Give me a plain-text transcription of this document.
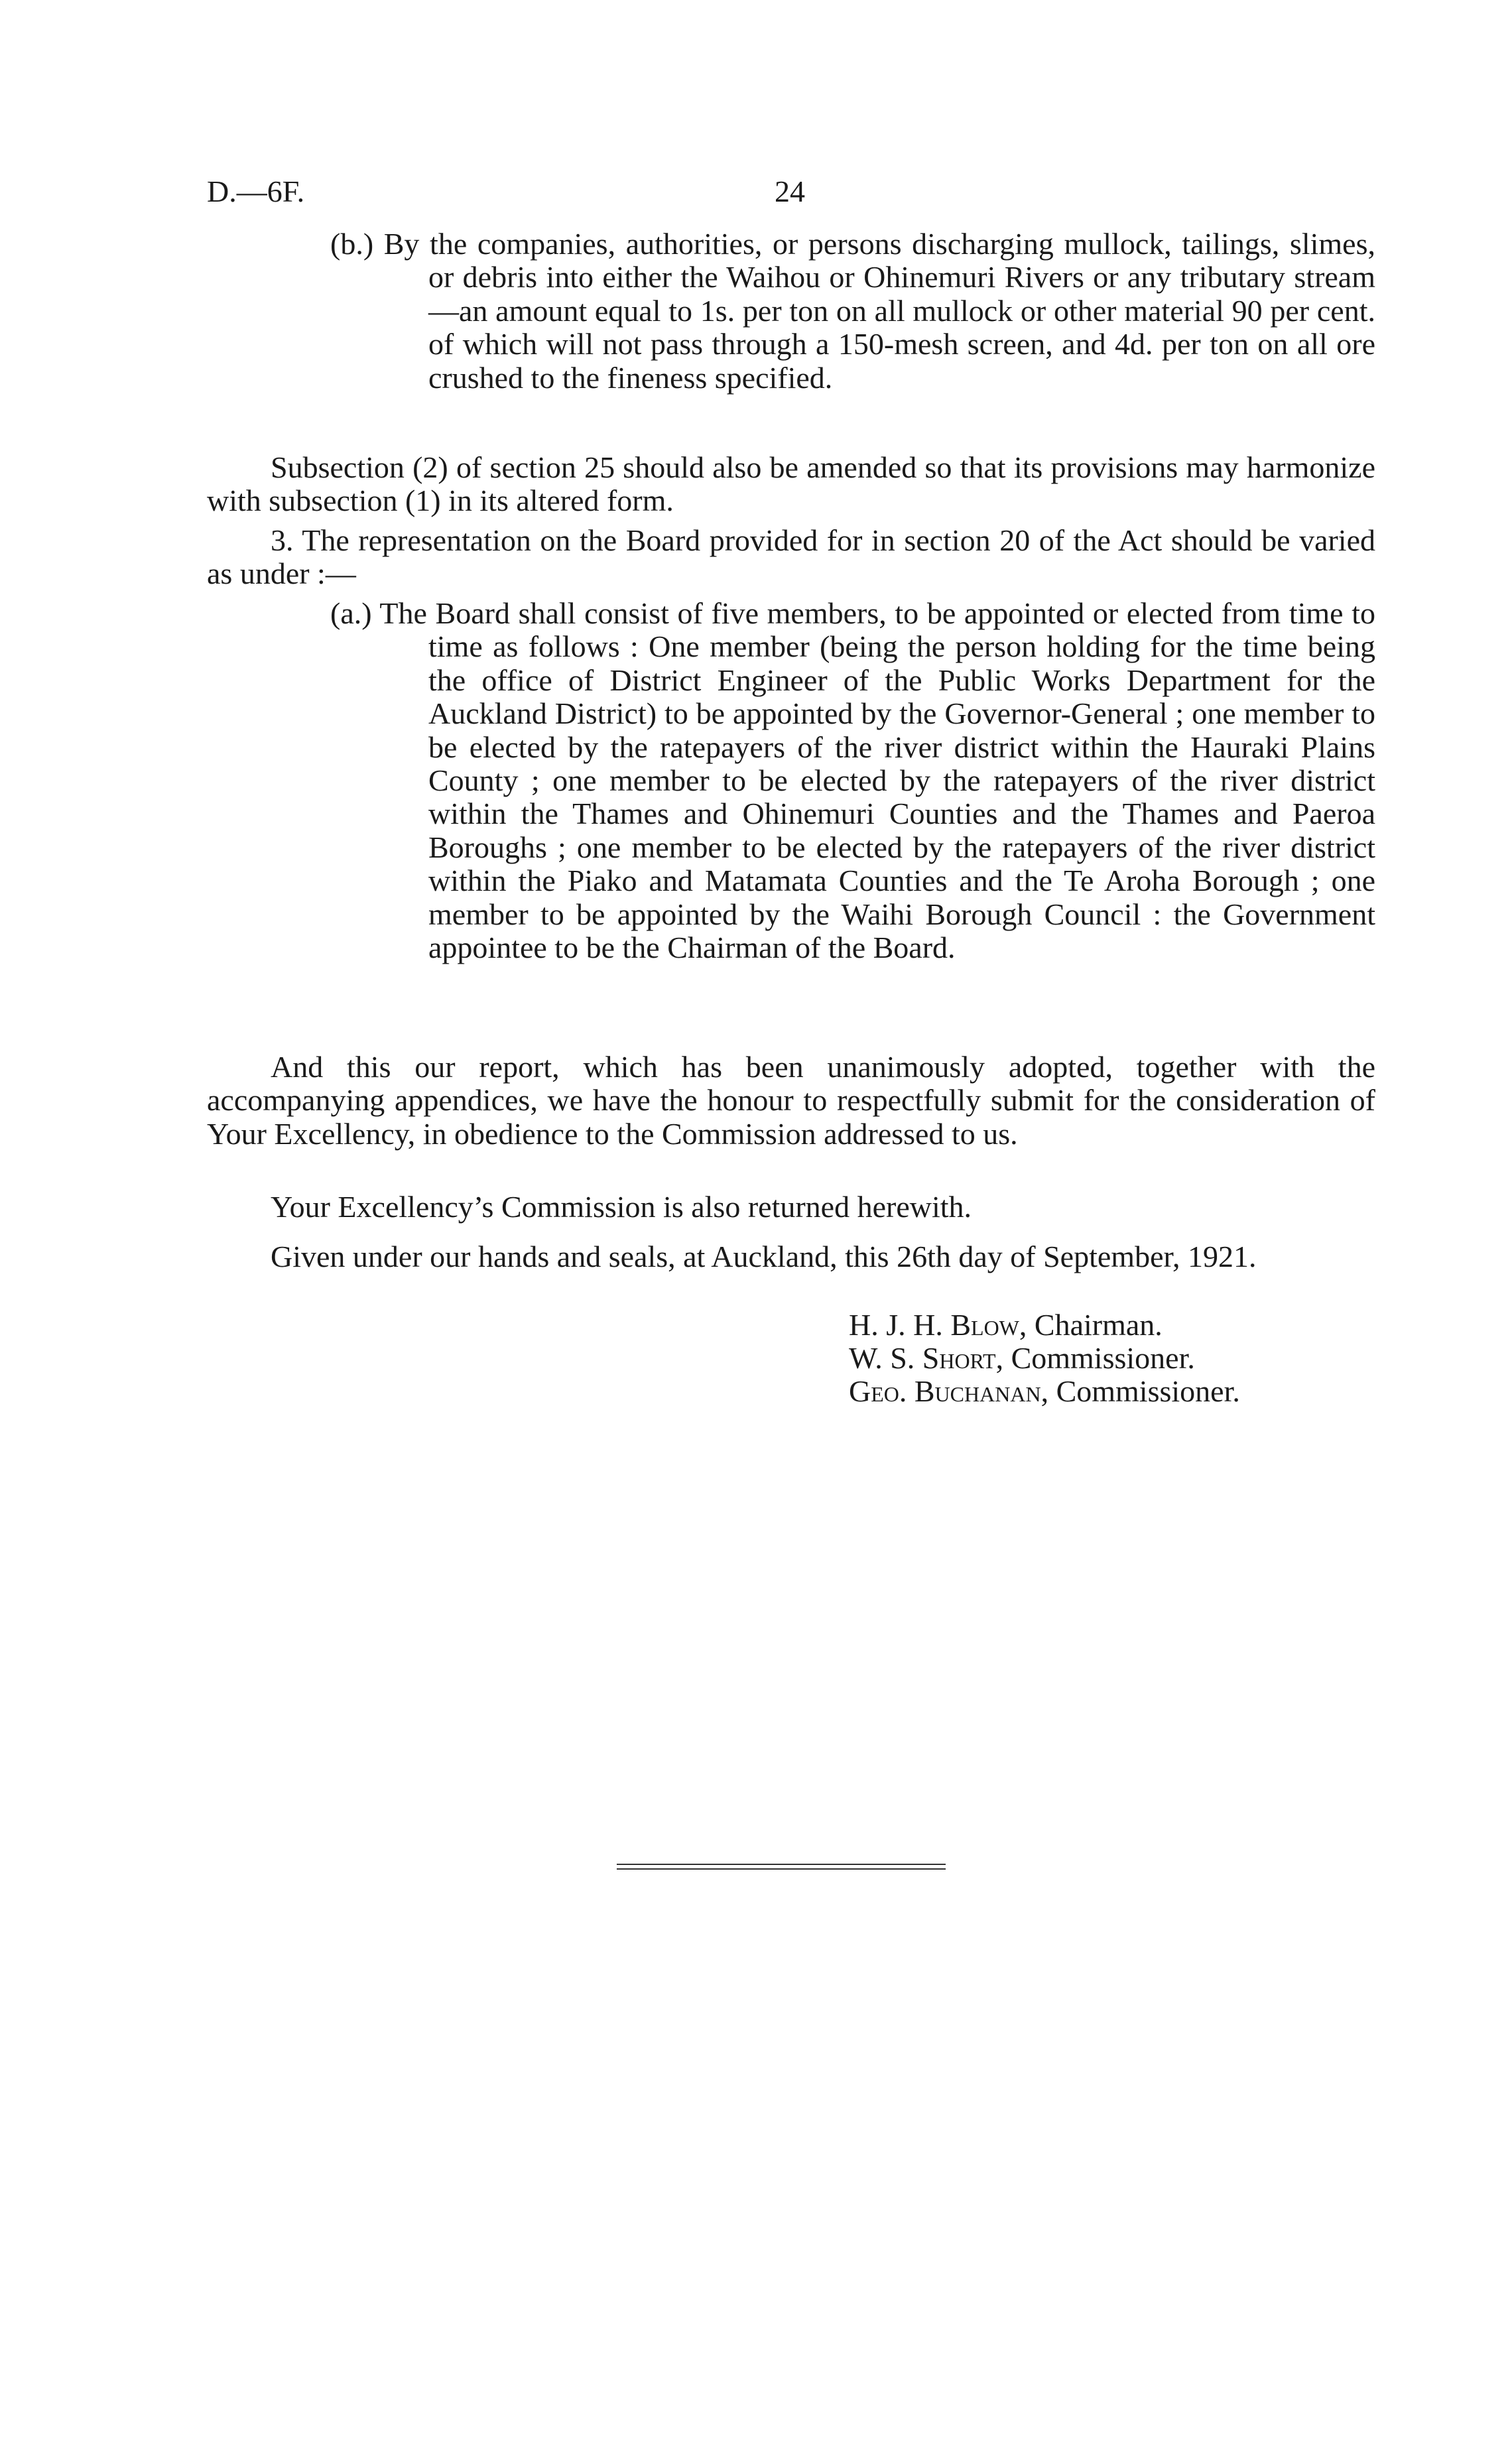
D.—6F.	24
(b.) By the companies, authorities, or persons discharging mullock, tailings, slimes, or debris into either the Waihou or Ohinemuri Rivers or any tributary stream—an amount equal to 1s. per ton on all mullock or other material 90 per cent. of which will not pass through a 150-mesh screen, and 4d. per ton on all ore crushed to the fineness specified.
Subsection (2) of section 25 should also be amended so that its provisions may harmonize with subsection (1) in its altered form.
3. The representation on the Board provided for in section 20 of the Act should be varied as under :—
(a.) The Board shall consist of five members, to be appointed or elected from time to time as follows : One member (being the person holding for the time being the office of District Engineer of the Public Works Department for the Auckland District) to be appointed by the Governor-General ; one member to be elected by the ratepayers of the river district within the Hauraki Plains County ; one member to be elected by the ratepayers of the river district within the Thames and Ohinemuri Counties and the Thames and Paeroa Boroughs ; one member to be elected by the ratepayers of the river district within the Piako and Matamata Counties and the Te Aroha Borough ; one member to be appointed by the Waihi Borough Council : the Government appointee to be the Chairman of the Board.
And this our report, which has been unanimously adopted, together with the accompanying appendices, we have the honour to respectfully submit for the consideration of Your Excellency, in obedience to the Commission addressed to us.
Your Excellency’s Commission is also returned herewith.
Given under our hands and seals, at Auckland, this 26th day of September, 1921.
H. J. H. Blow, Chairman.
W. S. Short, Commissioner.
Geo. Buchanan, Commissioner.
